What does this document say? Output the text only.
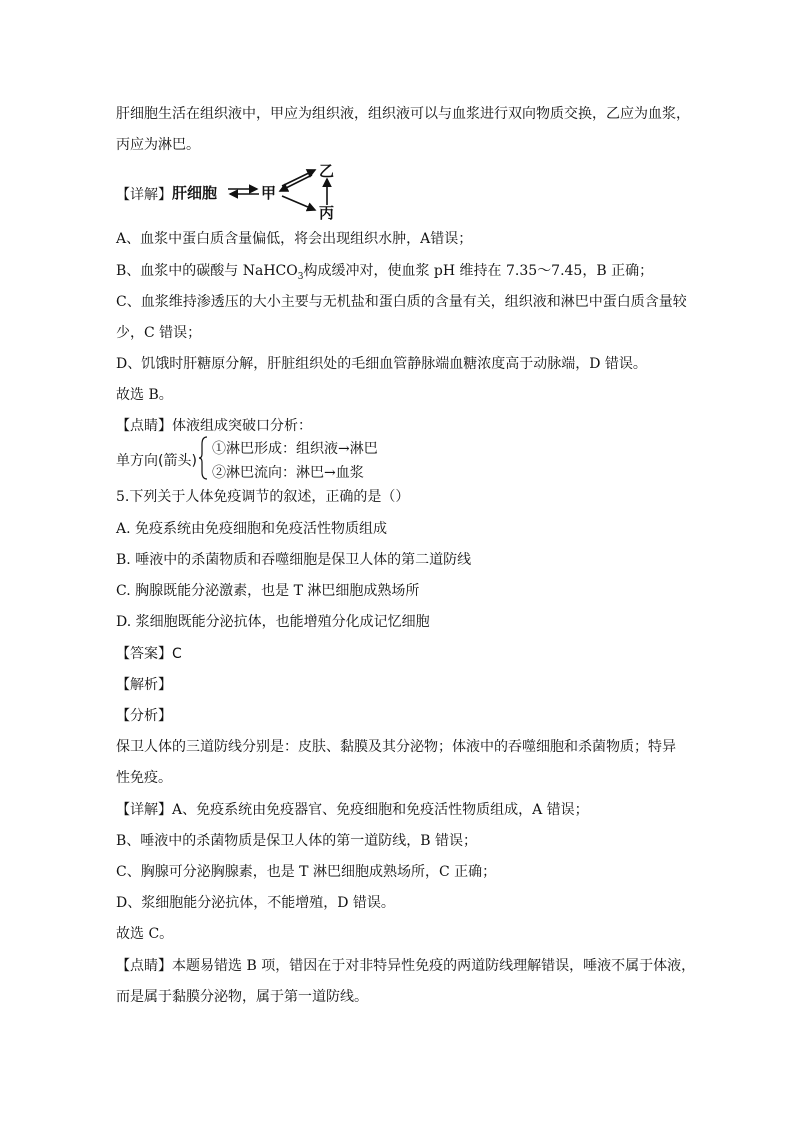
肝细胞生活在组织液中，甲应为组织液，组织液可以与血浆进行双向物质交换，乙应为血浆，
丙应为淋巴。
【详解】 肝细胞	甲
乙
丙
A、血浆中蛋白质含量偏低，将会出现组织水肿，A错误；
B、血浆中的碳酸与 NaHCO$_3$构成缓冲对，使血浆 pH 维持在 7.35～7.45，B 正确；
C、血浆维持渗透压的大小主要与无机盐和蛋白质的含量有关，组织液和淋巴中蛋白质含量较
少，C 错误；
D、饥饿时肝糖原分解，肝脏组织处的毛细血管静脉端血糖浓度高于动脉端，D 错误。
故选 B。
【点睛】体液组成突破口分析：
单方向(箭头)
①淋巴形成：组织液→淋巴
②淋巴流向：淋巴→血浆
5.下列关于人体免疫调节的叙述，正确的是（）
A. 免疫系统由免疫细胞和免疫活性物质组成
B. 唾液中的杀菌物质和吞噬细胞是保卫人体的第二道防线
C. 胸腺既能分泌激素，也是 T 淋巴细胞成熟场所
D. 浆细胞既能分泌抗体，也能增殖分化成记忆细胞
【答案】C
【解析】
【分析】
保卫人体的三道防线分别是：皮肤、黏膜及其分泌物；体液中的吞噬细胞和杀菌物质；特异
性免疫。
【详解】A、免疫系统由免疫器官、免疫细胞和免疫活性物质组成，A 错误；
B、唾液中的杀菌物质是保卫人体的第一道防线，B 错误；
C、胸腺可分泌胸腺素，也是 T 淋巴细胞成熟场所，C 正确；
D、浆细胞能分泌抗体，不能增殖，D 错误。
故选 C。
【点睛】本题易错选 B 项，错因在于对非特异性免疫的两道防线理解错误，唾液不属于体液，
而是属于黏膜分泌物，属于第一道防线。
